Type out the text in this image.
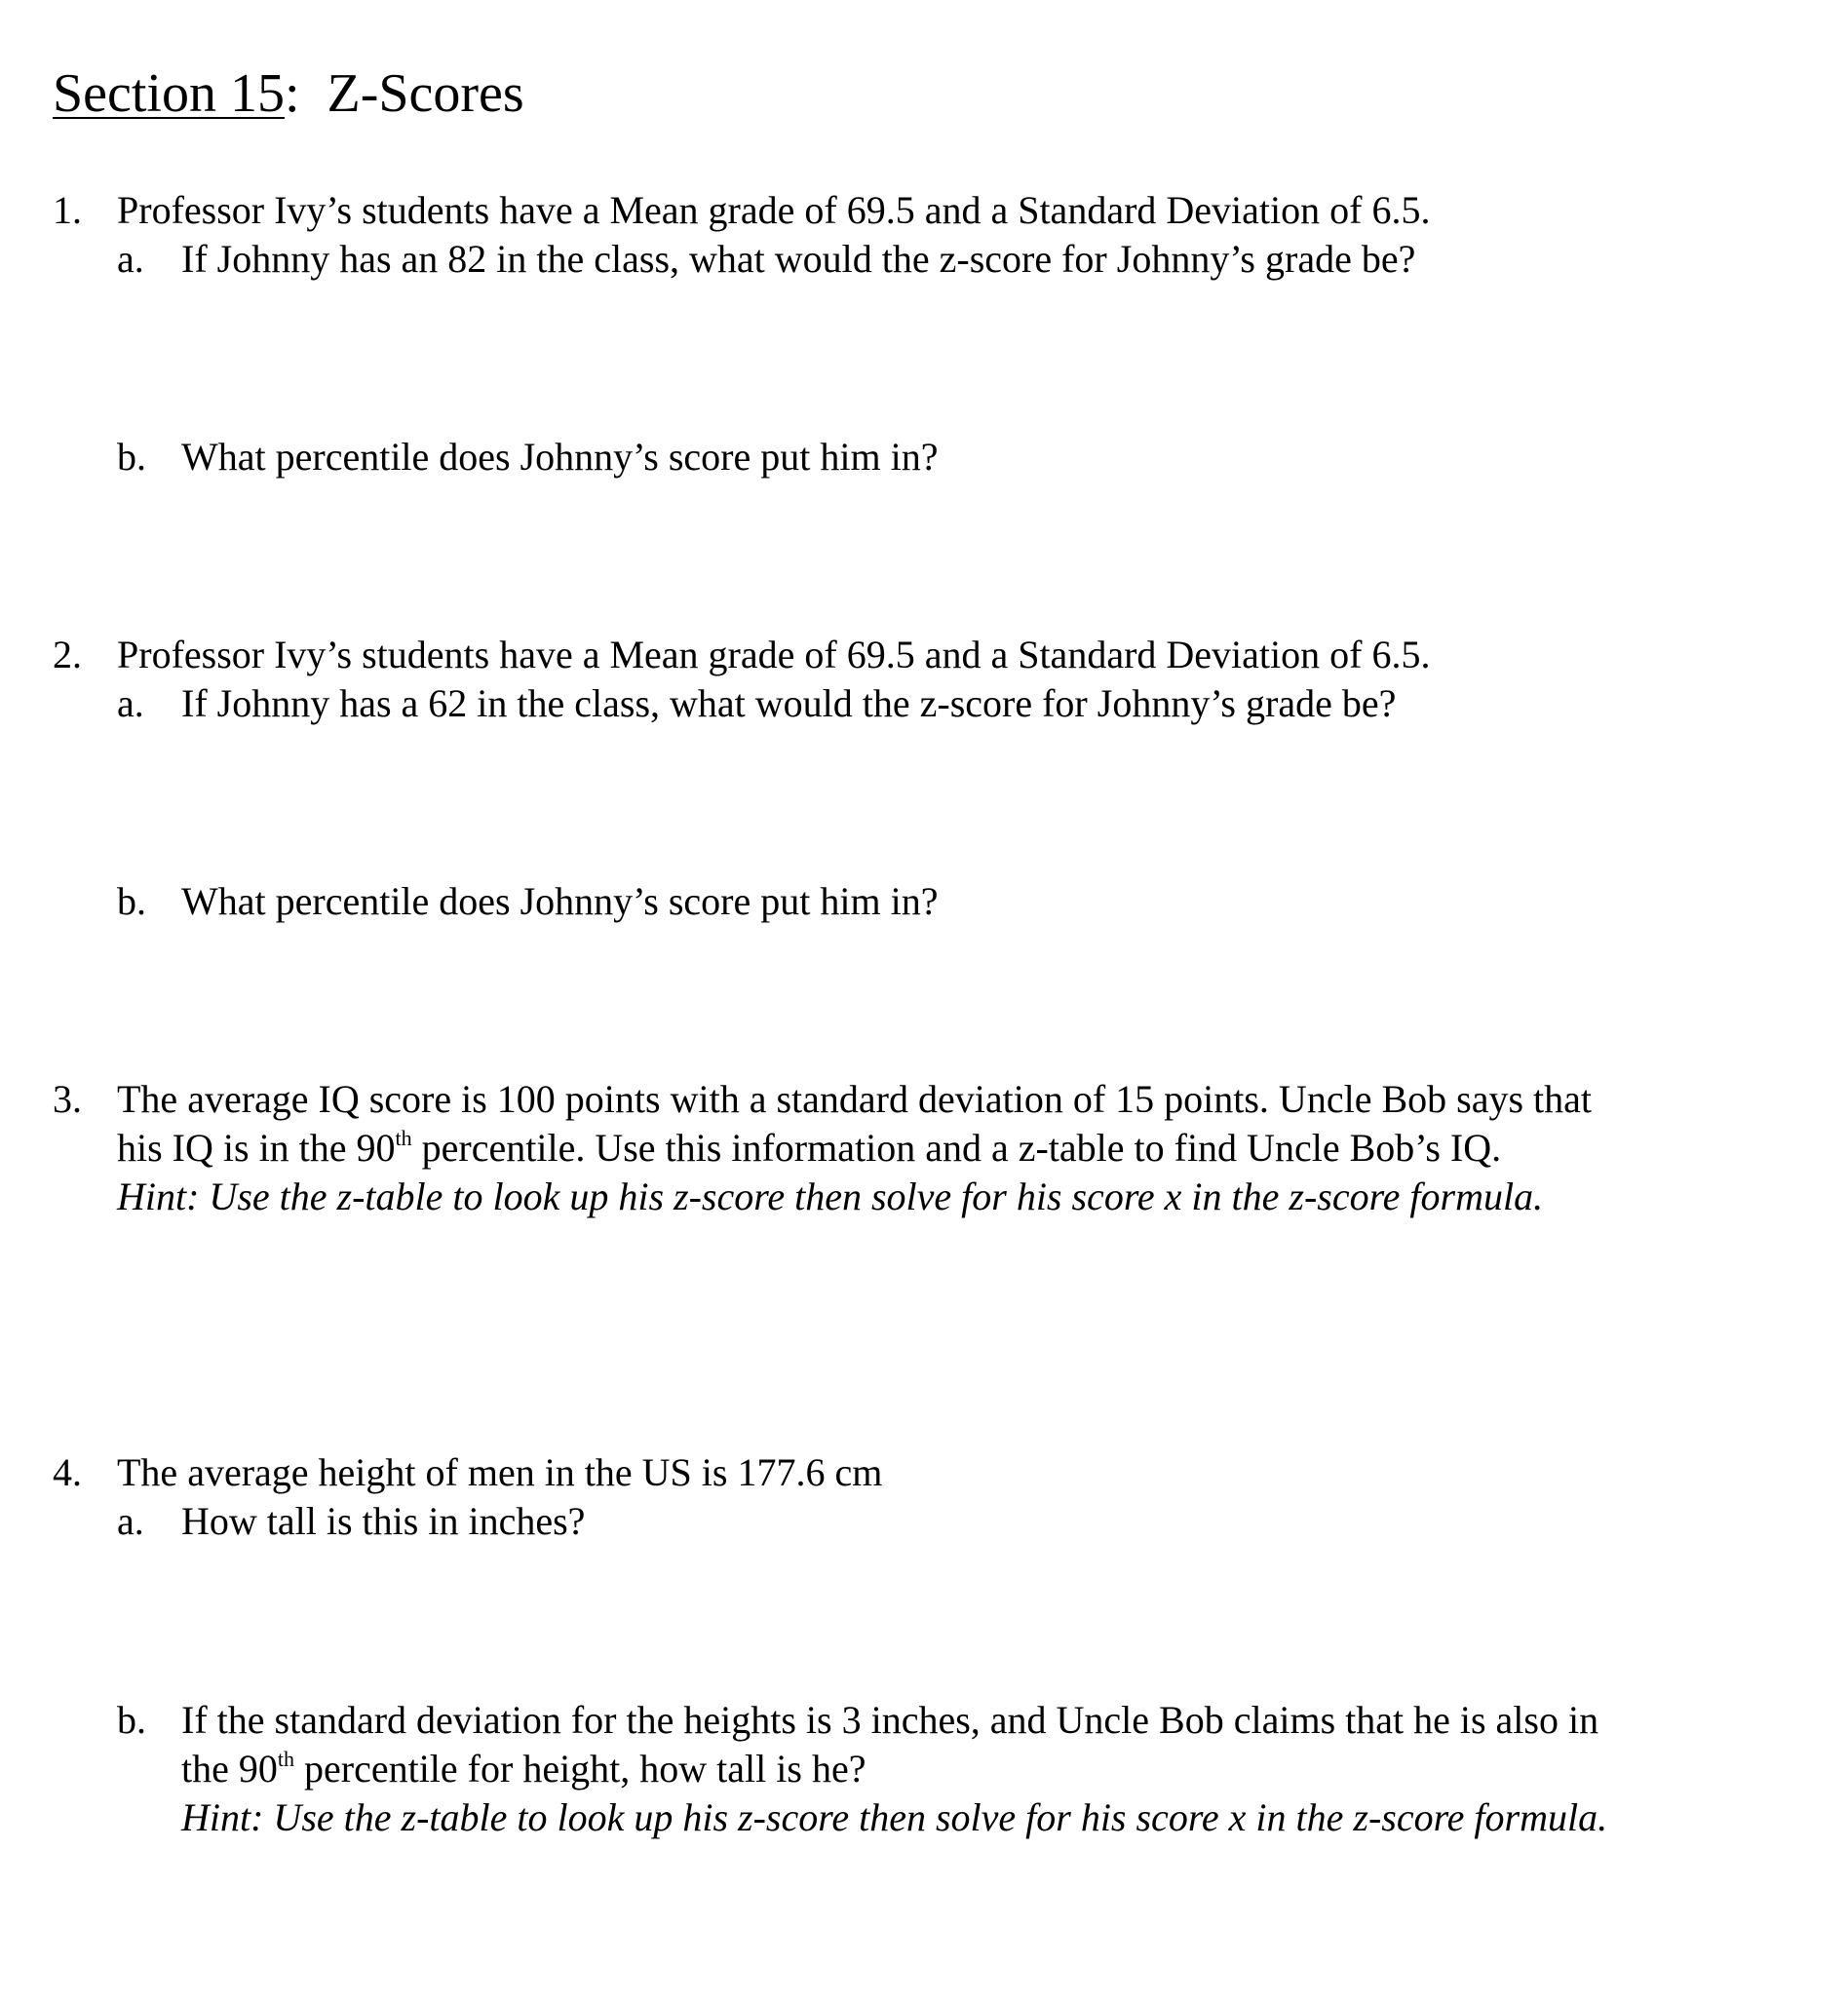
Section 15: Z-Scores
1. Professor Ivy’s students have a Mean grade of 69.5 and a Standard Deviation of 6.5.
a. If Johnny has an 82 in the class, what would the z-score for Johnny’s grade be?
b. What percentile does Johnny’s score put him in?
2. Professor Ivy’s students have a Mean grade of 69.5 and a Standard Deviation of 6.5.
a. If Johnny has a 62 in the class, what would the z-score for Johnny’s grade be?
b. What percentile does Johnny’s score put him in?
3. The average IQ score is 100 points with a standard deviation of 15 points. Uncle Bob says that
his IQ is in the 90th percentile. Use this information and a z-table to find Uncle Bob’s IQ.
Hint: Use the z-table to look up his z-score then solve for his score x in the z-score formula.
4. The average height of men in the US is 177.6 cm
a. How tall is this in inches?
b. If the standard deviation for the heights is 3 inches, and Uncle Bob claims that he is also in
the 90th percentile for height, how tall is he?
Hint: Use the z-table to look up his z-score then solve for his score x in the z-score formula.
